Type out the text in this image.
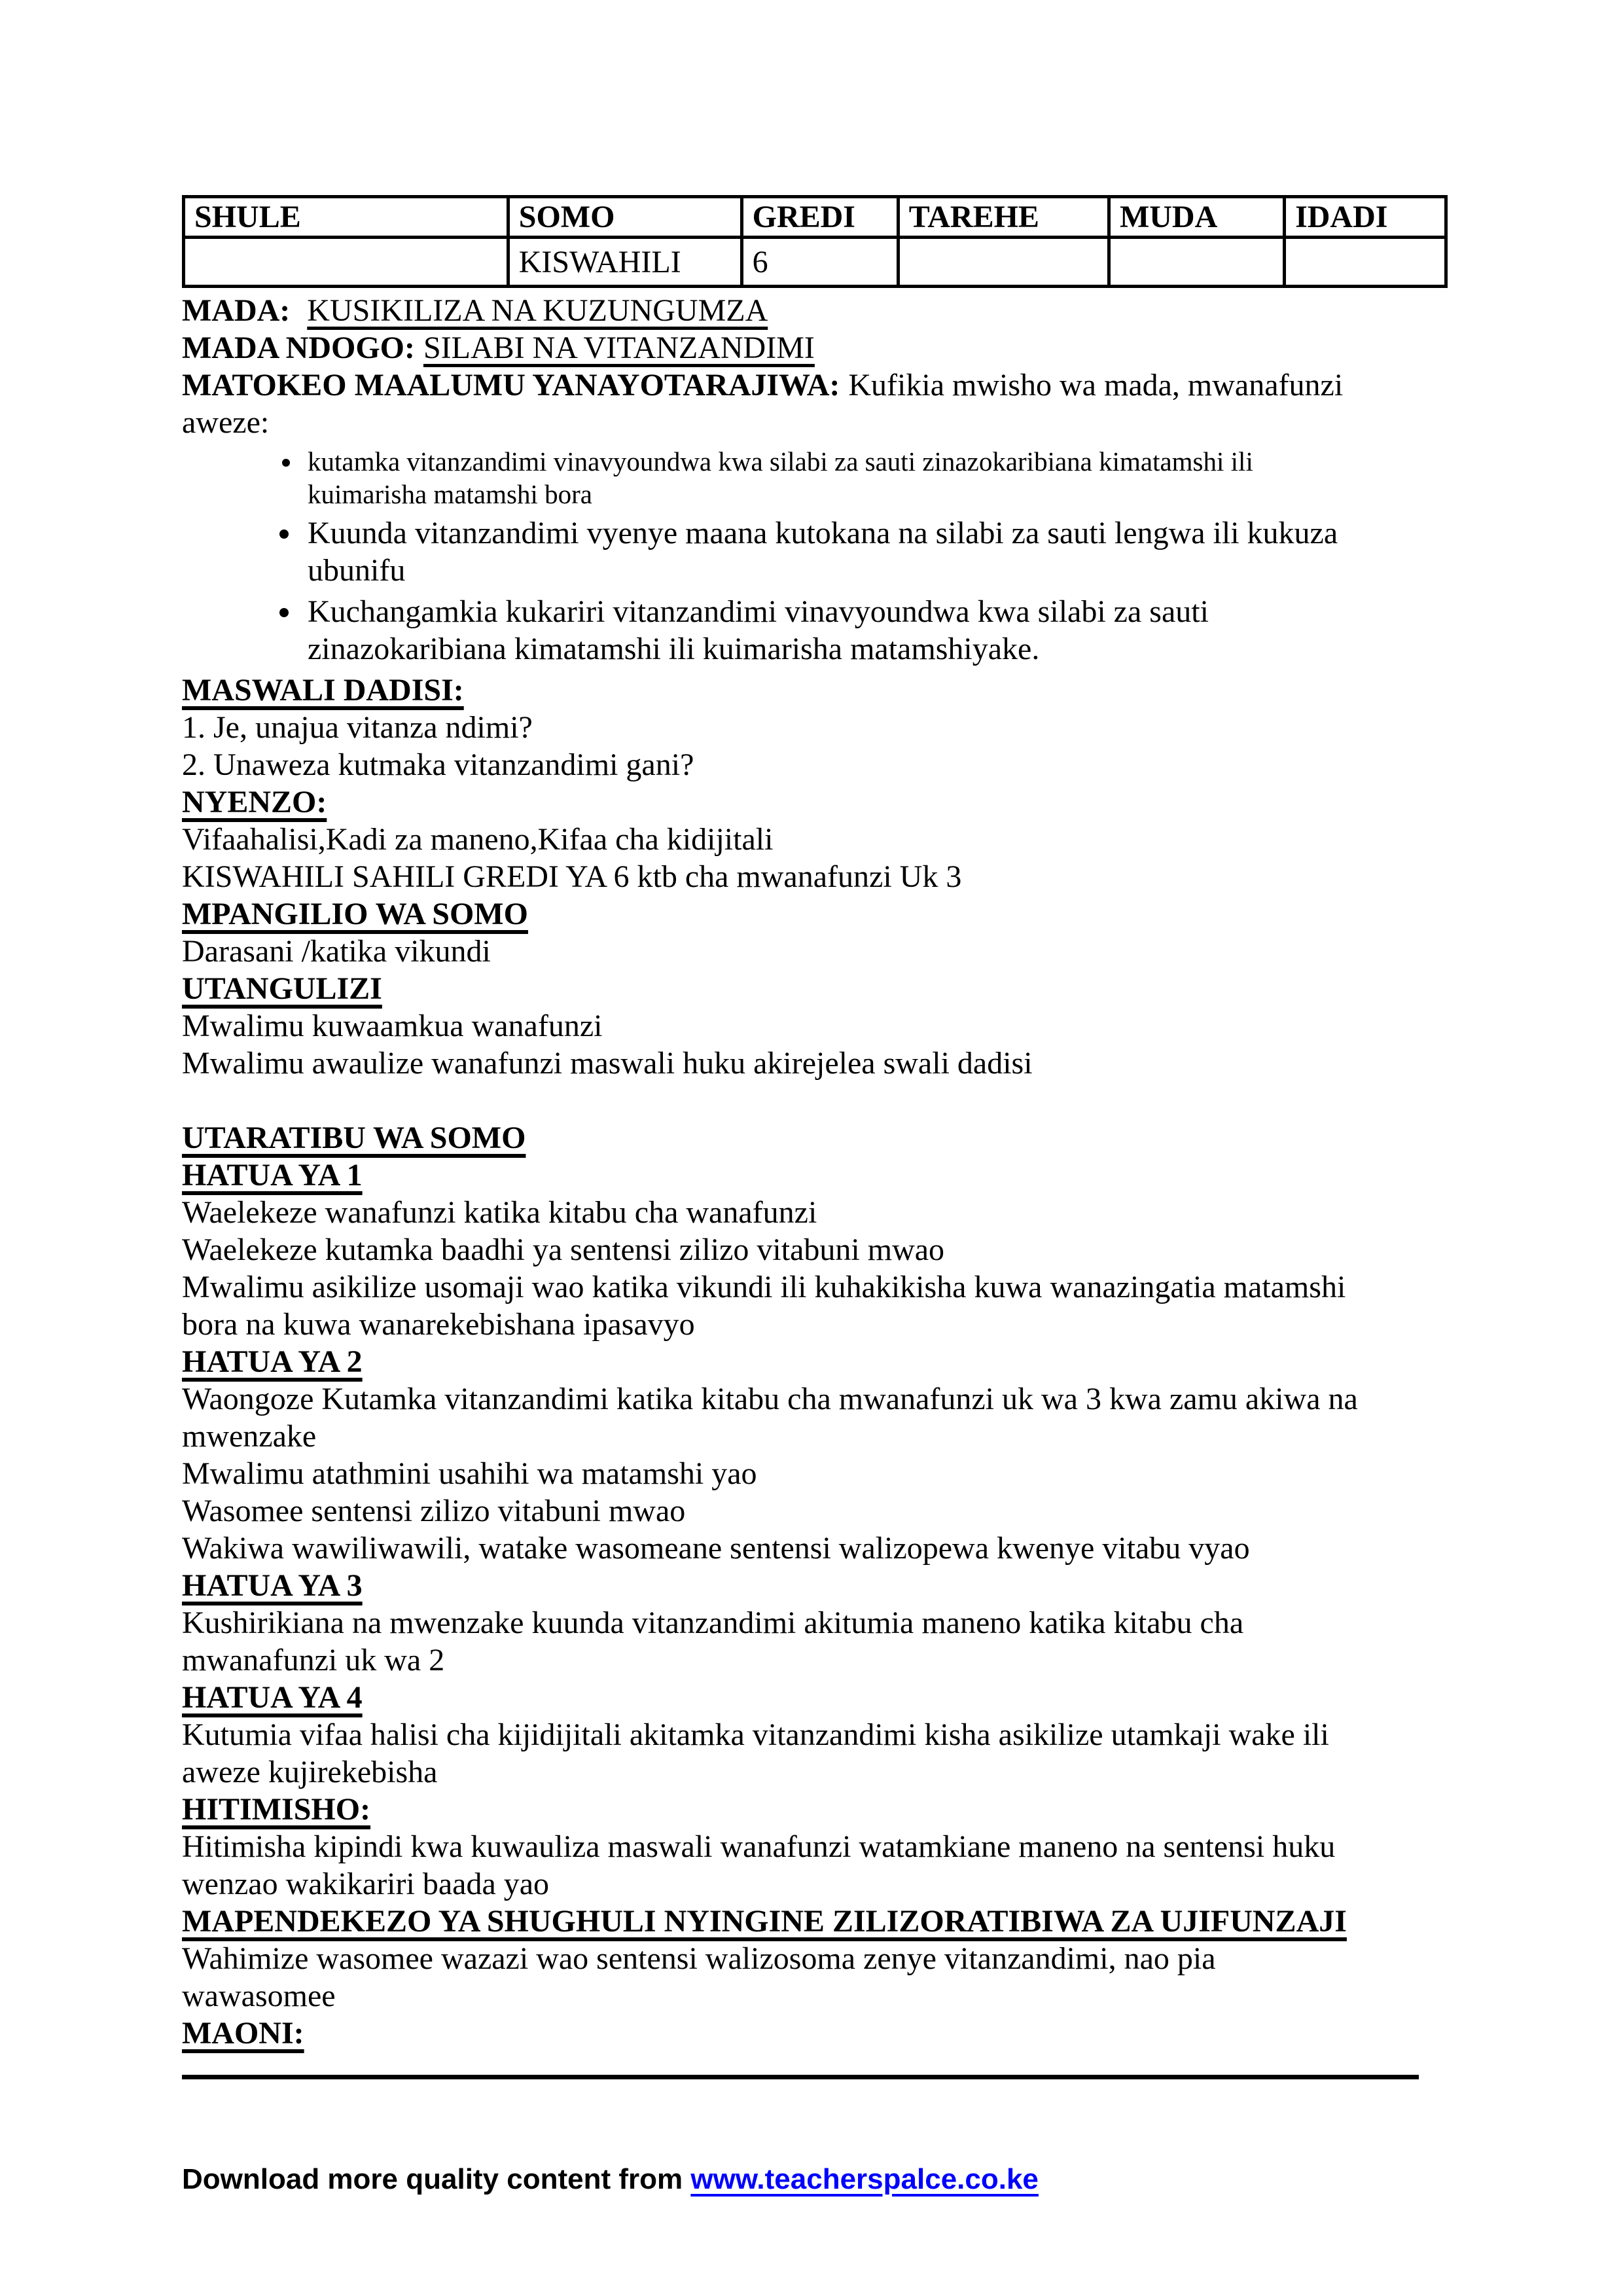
SHULE	SOMO	GREDI	TAREHE	MUDA	IDADI
	KISWAHILI	6			

MADA: KUSIKILIZA NA KUZUNGUMZA

MADA NDOGO: SILABI NA VITANZANDIMI

MATOKEO MAALUMU YANAYOTARAJIWA: Kufikia mwisho wa mada, mwanafunzi
aweze:

• kutamka vitanzandimi vinavyoundwa kwa silabi za sauti zinazokaribiana kimatamshi ili
kuimarisha matamshi bora
• Kuunda vitanzandimi vyenye maana kutokana na silabi za sauti lengwa ili kukuza
ubunifu
• Kuchangamkia kukariri vitanzandimi vinavyoundwa kwa silabi za sauti
zinazokaribiana kimatamshi ili kuimarisha matamshiyake.

MASWALI DADISI:

1. Je, unajua vitanza ndimi?

2. Unaweza kutmaka vitanzandimi gani?

NYENZO:

Vifaahalisi,Kadi za maneno,Kifaa cha kidijitali

KISWAHILI SAHILI GREDI YA 6 ktb cha mwanafunzi Uk 3

MPANGILIO WA SOMO

Darasani /katika vikundi

UTANGULIZI

Mwalimu kuwaamkua wanafunzi

Mwalimu awaulize wanafunzi maswali huku akirejelea swali dadisi

UTARATIBU WA SOMO

HATUA YA 1

Waelekeze wanafunzi katika kitabu cha wanafunzi

Waelekeze kutamka baadhi ya sentensi zilizo vitabuni mwao

Mwalimu asikilize usomaji wao katika vikundi ili kuhakikisha kuwa wanazingatia matamshi
bora na kuwa wanarekebishana ipasavyo

HATUA YA 2

Waongoze Kutamka vitanzandimi katika kitabu cha mwanafunzi uk wa 3 kwa zamu akiwa na
mwenzake

Mwalimu atathmini usahihi wa matamshi yao

Wasomee sentensi zilizo vitabuni mwao

Wakiwa wawiliwawili, watake wasomeane sentensi walizopewa kwenye vitabu vyao

HATUA YA 3

Kushirikiana na mwenzake kuunda vitanzandimi akitumia maneno katika kitabu cha
mwanafunzi uk wa 2

HATUA YA 4

Kutumia vifaa halisi cha kijidijitali akitamka vitanzandimi kisha asikilize utamkaji wake ili
aweze kujirekebisha

HITIMISHO:

Hitimisha kipindi kwa kuwauliza maswali wanafunzi watamkiane maneno na sentensi huku
wenzao wakikariri baada yao

MAPENDEKEZO YA SHUGHULI NYINGINE ZILIZORATIBIWA ZA UJIFUNZAJI

Wahimize wasomee wazazi wao sentensi walizosoma zenye vitanzandimi, nao pia
wawasomee

MAONI:

Download more quality content from www.teacherspalce.co.ke
